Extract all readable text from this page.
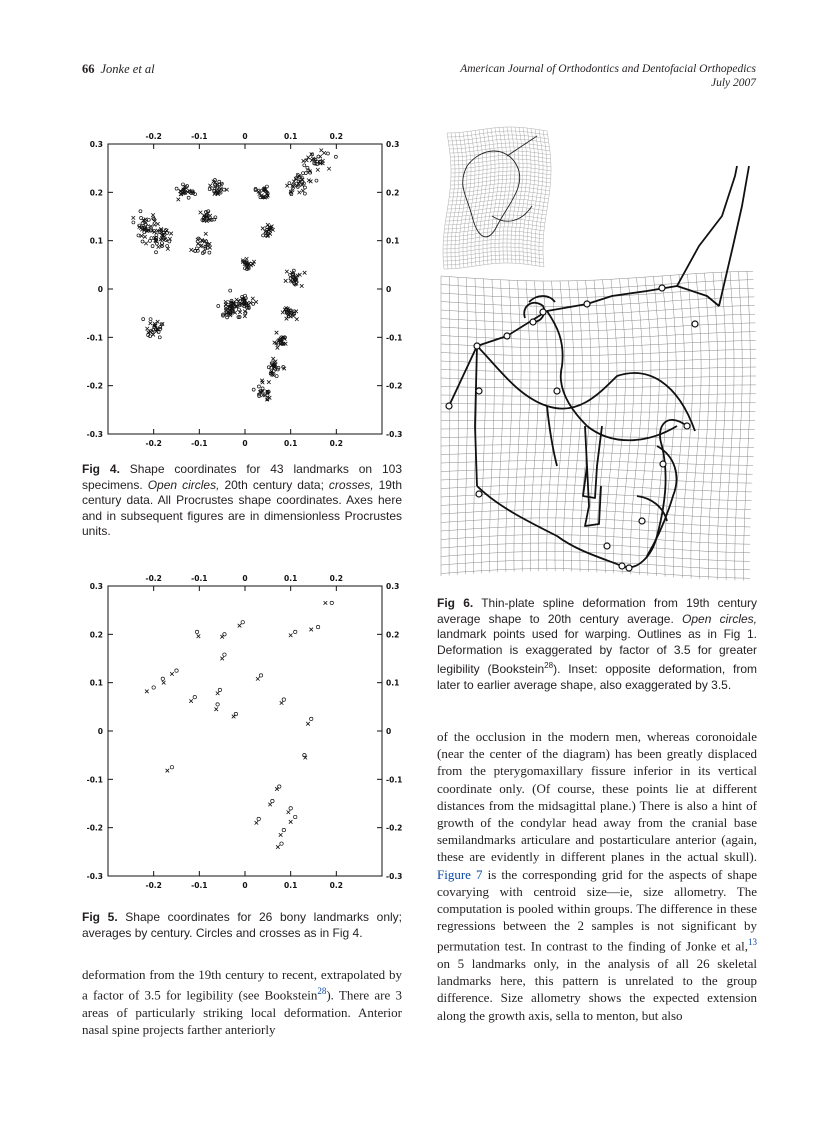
66 Jonke et al	American Journal of Orthodontics and Dentofacial Orthopedics
July 2007
-0.2
-0.2
-0.1
-0.1
0
0
0.1
0.1
0.2
0.2
0.3	0.3
0.2	0.2
0.1	0.1
0	0
-0.1	-0.1
-0.2	-0.2
-0.3	-0.3
Fig 4. Shape coordinates for 43 landmarks on 103 specimens. Open circles, 20th century data; crosses, 19th century data. All Procrustes shape coordinates. Axes here and in subsequent figures are in dimensionless Procrustes units.
-0.2
-0.2
-0.1
-0.1
0
0
0.1
0.1
0.2
0.2
0.3	0.3
0.2	0.2
0.1	0.1
0	0
-0.1	-0.1
-0.2	-0.2
-0.3	-0.3
Fig 5. Shape coordinates for 26 bony landmarks only; averages by century. Circles and crosses as in Fig 4.

deformation from the 19th century to recent, extrapolated by a factor of 3.5 for legibility (see Bookstein$^{28}$). There are 3 areas of particularly striking local deformation. Anterior nasal spine projects farther anteriorly

Fig 6. Thin-plate spline deformation from 19th century average shape to 20th century average. Open circles, landmark points used for warping. Outlines as in Fig 1. Deformation is exaggerated by factor of 3.5 for greater legibility (Bookstein$^{28}$). Inset: opposite deformation, from later to earlier average shape, also exaggerated by 3.5.

of the occlusion in the modern men, whereas coronoidale (near the center of the diagram) has been greatly displaced from the pterygomaxillary fissure inferior in its vertical coordinate only. (Of course, these points lie at different distances from the midsagittal plane.) There is also a hint of growth of the condylar head away from the cranial base semilandmarks articulare and postarticulare anterior (again, these are evidently in different planes in the actual skull). Figure 7 is the corresponding grid for the aspects of shape covarying with centroid size—ie, size allometry. The computation is pooled within groups. The difference in these regressions between the 2 samples is not significant by permutation test. In contrast to the finding of Jonke et al,$^{13}$ on 5 landmarks only, in the analysis of all 26 skeletal landmarks here, this pattern is unrelated to the group difference. Size allometry shows the expected extension along the growth axis, sella to menton, but also
